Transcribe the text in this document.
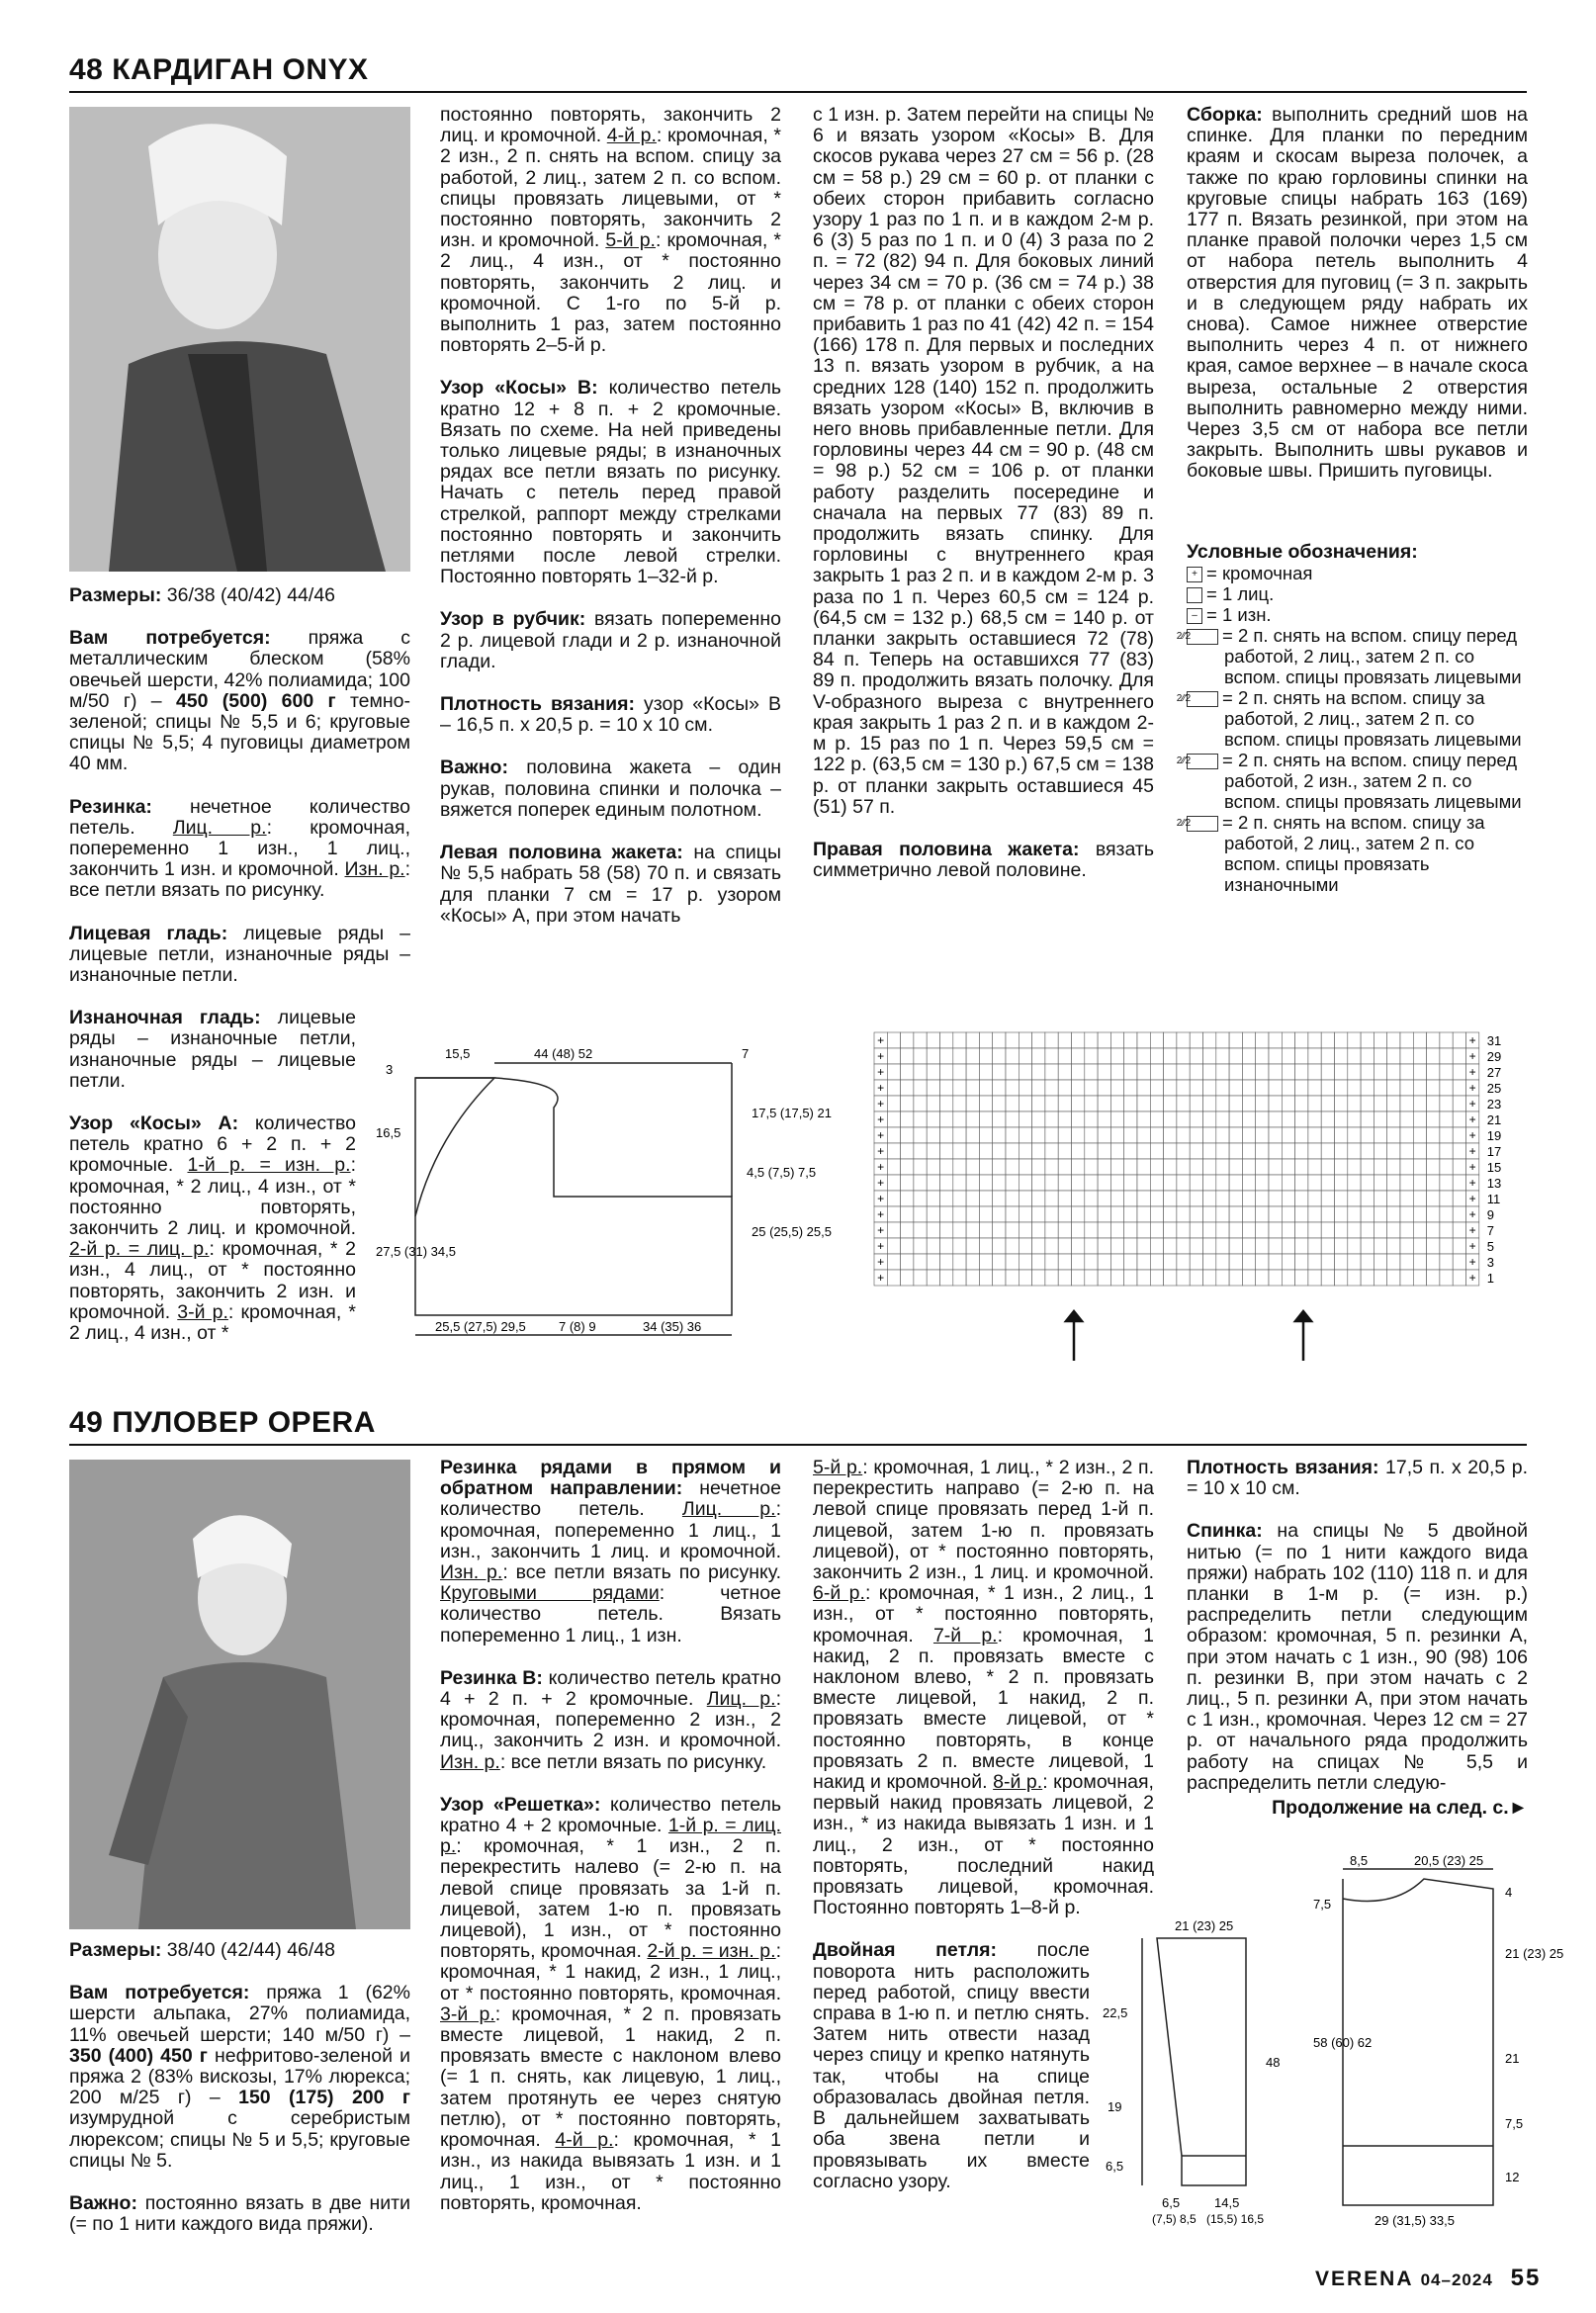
48 КАРДИГАН ONYX

Размеры: 36/38 (40/42) 44/46

Вам потребуется: пряжа с металлическим блеском (58% овечьей шерсти, 42% полиамида; 100 м/50 г) – 450 (500) 600 г темно-зеленой; спицы № 5,5 и 6; круговые спицы № 5,5; 4 пуговицы диаметром 40 мм.

Резинка: нечетное количество петель. Лиц. р.: кромочная, попеременно 1 изн., 1 лиц., закончить 1 изн. и кромочной. Изн. р.: все петли вязать по рисунку.

Лицевая гладь: лицевые ряды – лицевые петли, изнаночные ряды – изнаночные петли.

Изнаночная гладь: лицевые ряды – изнаночные петли, изнаночные ряды – лицевые петли.

Узор «Косы» А: количество петель кратно 6 + 2 п. + 2 кромочные. 1-й р. = изн. р.: кромочная, * 2 лиц., 4 изн., от * постоянно повторять, закончить 2 лиц. и кромочной. 2-й р. = лиц. р.: кромочная, * 2 изн., 4 лиц., от * постоянно повторять, закончить 2 изн. и кромочной. 3-й р.: кромочная, * 2 лиц., 4 изн., от *

постоянно повторять, закончить 2 лиц. и кромочной. 4-й р.: кромочная, * 2 изн., 2 п. снять на вспом. спицу за работой, 2 лиц., затем 2 п. со вспом. спицы провязать лицевыми, от * постоянно повторять, закончить 2 изн. и кромочной. 5-й р.: кромочная, * 2 лиц., 4 изн., от * постоянно повторять, закончить 2 лиц. и кромочной. С 1-го по 5-й р. выполнить 1 раз, затем постоянно повторять 2–5-й р.

Узор «Косы» В: количество петель кратно 12 + 8 п. + 2 кромочные. Вязать по схеме. На ней приведены только лицевые ряды; в изнаночных рядах все петли вязать по рисунку. Начать с петель перед правой стрелкой, раппорт между стрелками постоянно повторять и закончить петлями после левой стрелки. Постоянно повторять 1–32-й р.

Узор в рубчик: вязать попеременно 2 р. лицевой глади и 2 р. изнаночной глади.

Плотность вязания: узор «Косы» В – 16,5 п. x 20,5 р. = 10 x 10 см.

Важно: половина жакета – один рукав, половина спинки и полочка – вяжется поперек единым полотном.

Левая половина жакета: на спицы № 5,5 набрать 58 (58) 70 п. и связать для планки 7 см = 17 р. узором «Косы» А, при этом начать

с 1 изн. р. Затем перейти на спицы № 6 и вязать узором «Косы» В. Для скосов рукава через 27 см = 56 р. (28 см = 58 р.) 29 см = 60 р. от планки с обеих сторон прибавить согласно узору 1 раз по 1 п. и в каждом 2-м р. 6 (3) 5 раз по 1 п. и 0 (4) 3 раза по 2 п. = 72 (82) 94 п. Для боковых линий через 34 см = 70 р. (36 см = 74 р.) 38 см = 78 р. от планки с обеих сторон прибавить 1 раз по 41 (42) 42 п. = 154 (166) 178 п. Для первых и последних 13 п. вязать узором в рубчик, а на средних 128 (140) 152 п. продолжить вязать узором «Косы» В, включив в него вновь прибавленные петли. Для горловины через 44 см = 90 р. (48 см = 98 р.) 52 см = 106 р. от планки работу разделить посередине и сначала на первых 77 (83) 89 п. продолжить вязать спинку. Для горловины с внутреннего края закрыть 1 раз 2 п. и в каждом 2-м р. 3 раза по 1 п. Через 60,5 см = 124 р. (64,5 см = 132 р.) 68,5 см = 140 р. от планки закрыть оставшиеся 72 (78) 84 п. Теперь на оставшихся 77 (83) 89 п. продолжить вязать полочку. Для V-образного выреза с внутреннего края закрыть 1 раз 2 п. и в каждом 2-м р. 15 раз по 1 п. Через 59,5 см = 122 р. (63,5 см = 130 р.) 67,5 см = 138 р. от планки закрыть оставшиеся 45 (51) 57 п.

Правая половина жакета: вязать симметрично левой половине.

Сборка: выполнить средний шов на спинке. Для планки по передним краям и скосам выреза полочек, а также по краю горловины спинки на круговые спицы набрать 163 (169) 177 п. Вязать резинкой, при этом на планке правой полочки через 1,5 см от набора петель выполнить 4 отверстия для пуговиц (= 3 п. закрыть и в следующем ряду набрать их снова). Самое нижнее отверстие выполнить через 4 п. от нижнего края, самое верхнее – в начале скоса выреза, остальные 2 отверстия выполнить равномерно между ними. Через 3,5 см от набора все петли закрыть. Выполнить швы рукавов и боковые швы. Пришить пуговицы.

Условные обозначения:
+ = кромочная
= 1 лиц.
– = 1 изн.
2⁄⁄2 = 2 п. снять на вспом. спицу перед работой, 2 лиц., затем 2 п. со вспом. спицы провязать лицевыми
2⁄⁄2 = 2 п. снять на вспом. спицу за работой, 2 лиц., затем 2 п. со вспом. спицы провязать лицевыми
2⁄⁄2 = 2 п. снять на вспом. спицу перед работой, 2 изн., затем 2 п. со вспом. спицы провязать лицевыми
2⁄⁄2 = 2 п. снять на вспом. спицу за работой, 2 лиц., затем 2 п. со вспом. спицы провязать изнаночными
44 (48) 52
15,5	7
3
16,5
27,5 (31) 34,5
17,5 (17,5) 21
4,5 (7,5) 7,5
25 (25,5) 25,5
25,5 (27,5) 29,5	7 (8) 9	34 (35) 36
+	+
+	+
+	+
+	+
+	+
+	+
+	+
+	+
+	+
+	+
+	+
+	+
+	+
+	+
+	+
+	+
31
29
27
25
23
21
19
17
15
13
11
9
7
5
3
1
49 ПУЛОВЕР OPERA

Размеры: 38/40 (42/44) 46/48

Вам потребуется: пряжа 1 (62% шерсти альпака, 27% полиамида, 11% овечьей шерсти; 140 м/50 г) – 350 (400) 450 г нефритово-зеленой и пряжа 2 (83% вискозы, 17% люрекса; 200 м/25 г) – 150 (175) 200 г изумрудной с серебристым люрексом; спицы № 5 и 5,5; круговые спицы № 5.

Важно: постоянно вязать в две нити (= по 1 нити каждого вида пряжи).

Резинка рядами в прямом и обратном направлении: нечетное количество петель. Лиц. р.: кромочная, попеременно 1 лиц., 1 изн., закончить 1 лиц. и кромочной. Изн. р.: все петли вязать по рисунку. Круговыми рядами: четное количество петель. Вязать попеременно 1 лиц., 1 изн.

Резинка В: количество петель кратно 4 + 2 п. + 2 кромочные. Лиц. р.: кромочная, попеременно 2 изн., 2 лиц., закончить 2 изн. и кромочной. Изн. р.: все петли вязать по рисунку.

Узор «Решетка»: количество петель кратно 4 + 2 кромочные. 1-й р. = лиц. р.: кромочная, * 1 изн., 2 п. перекрестить налево (= 2-ю п. на левой спице провязать за 1-й п. лицевой, затем 1-ю п. провязать лицевой), 1 изн., от * постоянно повторять, кромочная. 2-й р. = изн. р.: кромочная, * 1 накид, 2 изн., 1 лиц., от * постоянно повторять, кромочная. 3-й р.: кромочная, * 2 п. провязать вместе лицевой, 1 накид, 2 п. провязать вместе с наклоном влево (= 1 п. снять, как лицевую, 1 лиц., затем протянуть ее через снятую петлю), от * постоянно повторять, кромочная. 4-й р.: кромочная, * 1 изн., из накида вывязать 1 изн. и 1 лиц., 1 изн., от * постоянно повторять, кромочная.

5-й р.: кромочная, 1 лиц., * 2 изн., 2 п. перекрестить направо (= 2-ю п. на левой спице провязать перед 1-й п. лицевой, затем 1-ю п. провязать лицевой), от * постоянно повторять, закончить 2 изн., 1 лиц. и кромочной. 6-й р.: кромочная, * 1 изн., 2 лиц., 1 изн., от * постоянно повторять, кромочная. 7-й р.: кромочная, 1 накид, 2 п. провязать вместе с наклоном влево, * 2 п. провязать вместе лицевой, 1 накид, 2 п. провязать вместе лицевой, от * постоянно повторять, в конце провязать 2 п. вместе лицевой, 1 накид и кромочной. 8-й р.: кромочная, первый накид провязать лицевой, 2 изн., * из накида вывязать 1 изн. и 1 лиц., 2 изн., от * постоянно повторять, последний накид провязать лицевой, кромочная. Постоянно повторять 1–8-й р.

Двойная петля: после поворота нить расположить перед работой, спицу ввести справа в 1-ю п. и петлю снять. Затем нить отвести назад через спицу и крепко натянуть так, чтобы на спице образовалась двойная петля. В дальнейшем захватывать оба звена петли и провязывать их вместе согласно узору.

Плотность вязания: 17,5 п. x 20,5 р. = 10 x 10 см.

Спинка: на спицы № 5 двойной нитью (= по 1 нити каждого вида пряжи) набрать 102 (110) 118 п. и для планки в 1-м р. (= изн. р.) распределить петли следующим образом: кромочная, 5 п. резинки А, при этом начать с 1 изн., 90 (98) 106 п. резинки В, при этом начать с 2 лиц., 5 п. резинки А, при этом начать с 1 изн., кромочная. Через 12 см = 27 р. от начального ряда продолжить работу на спицах № 5,5 и распределить петли следую-

Продолжение на след. с.►
21 (23) 25
22,5
19
6,5
48
6,5
(7,5) 8,5
14,5
(15,5) 16,5
8,5	20,5 (23) 25
7,5
4
21 (23) 25
58 (60) 62
21
7,5
12
29 (31,5) 33,5
VERENA 04–2024 55
